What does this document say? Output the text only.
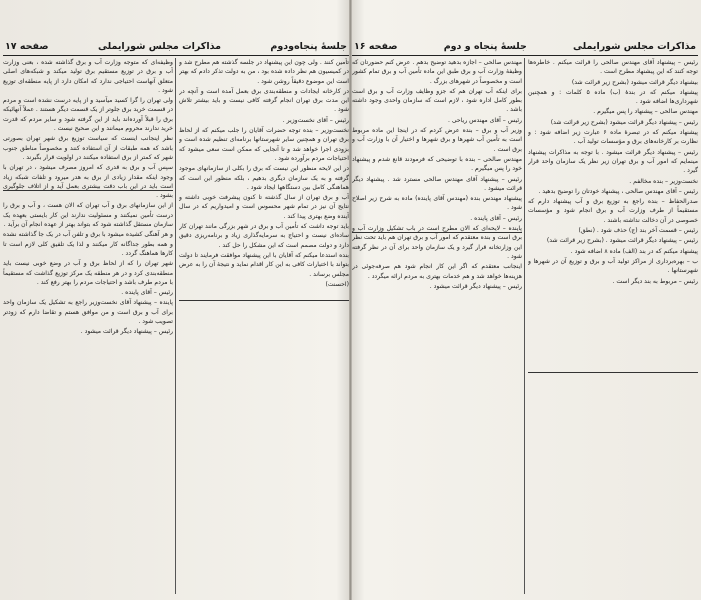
جلسهٔ پنجاه‌ودوم
مذاکرات مجلس شورایملی
صفحه ۱۷

تأمین کنند . ولی چون این پیشنهاد در جلسه گذشته هم مطرح شد و در کمیسیون هم نظر داده شده بود ، من به دولت تذکر دادم که بهتر است این موضوع دقیقاً روشن شود .

در کارخانه ایجادات و منطقه‌بندی برق بعمل آمده است و آنچه در این مدت برق تهران انجام گرفته کافی نیست و باید بیشتر تلاش شود .

رئیس – آقای نخست‌وزیر .

نخست‌وزیر – بنده توجه حضرات آقایان را جلب میکنم که از لحاظ برق تهران و همچنین سایر شهرستانها برنامه‌ای تنظیم شده است و بزودی اجرا خواهد شد و تا آنجایی که ممکن است سعی میشود که احتیاجات مردم برآورده شود .

در این لایحه منظور این نیست که برق را بکلی از سازمانهای موجود گرفته و به یک سازمان دیگری بدهیم ، بلکه منظور این است که هماهنگی کامل بین دستگاهها ایجاد شود .

آب و برق تهران از سال گذشته تا کنون پیشرفت خوبی داشته و نتایج آن نیز در تمام شهر محسوس است و امیدواریم که در سال آینده وضع بهتری پیدا کند .

باید توجه داشت که تأمین آب و برق در شهر بزرگی مانند تهران کار ساده‌ای نیست و احتیاج به سرمایه‌گذاری زیاد و برنامه‌ریزی دقیق دارد و دولت مصمم است که این مشکل را حل کند .

بنده استدعا میکنم که آقایان با این پیشنهاد موافقت فرمایند تا دولت بتواند با اختیارات کافی به این کار اقدام نماید و نتیجهٔ آن را به عرض مجلس برساند .

(احسنت)

وظیفه‌ای که متوجه وزارت آب و برق گذاشته شده ، بعنی وزارت آب و برق در توزیع مستقیم برق تولید میکند و شبکه‌های اصلی متعلق آنهاست احتیاجی ندارد که امکان دارد از پایه منطقه‌ای توزیع شود .

ولی تهران را گرا کسید میآسید و از پایه درست نشده است و مردم در قسمت خرید برق جلوتر از یک قسمت دیگر هستند . عملاً آنهائیکه برق را قبلاً آورده‌اند باید از این گرفته شود و سایر مردم که قدرت خرید ندارند محروم میمانند و این صحیح نیست .

نظر اینجانب اینست که سیاست توزیع برق شهر تهران بصورتی باشد که همه طبقات از آن استفاده کنند و مخصوصاً مناطق جنوب شهر که کمتر از برق استفاده میکنند در اولویت قرار بگیرند .

سپس آب و برق به قدری که امروز مصرف میشود ، در تهران با وجود اینکه مقدار زیادی از برق به هدر میرود و تلفات شبکه زیاد است باید در این باب دقت بیشتری بعمل آید و از اتلاف جلوگیری بشود .

از این سازمانهای برق و آب تهران که الان هست ، و آب و برق را درست تأمین نمیکنند و مسئولیت ندارند این کار بایستی بعهده یک سازمان مستقل گذاشته شود که بتواند بهتر از عهده انجام آن برآید .

و هر آهنگی کشیده میشود با برق و تلفن آب در یک جا گذاشته نشده و همه بطور جداگانه کار میکنند و لذا یک تلفیق کلی لازم است تا کارها هماهنگ گردد .

شهر تهران را که از لحاظ برق و آب در وضع خوبی نیست باید منطقه‌بندی کرد و در هر منطقه یک مرکز توزیع گذاشت که مستقیماً با مردم طرف باشد و احتیاجات مردم را بهتر رفع کند .

رئیس – آقای پاینده .

پاینده – پیشنهاد آقای نخست‌وزیر راجع به تشکیل یک سازمان واحد برای آب و برق است و من موافق هستم و تقاضا دارم که زودتر تصویب شود .

رئیس – پیشنهاد دیگر قرائت میشود .

مذاکرات مجلس شورایملی
جلسهٔ پنجاه و دوم
صفحه ۱۶

رئیس – پیشنهاد آقای مهندس صالحی را قرائت میکنم . خاطره‌ها توجه کنند که این پیشنهاد مطرح است .

بیشنهاد دیگر قرائت میشود (بشرح زیر قرائت شد)

پیشنهاد میکنم که در بندهٔ (ب) ماده ۵ کلمات : و همچنین شهرداری‌ها اضافه شود .

مهندس صالحی – پیشنهاد را پس میگیرم .

رئیس – پیشنهاد دیگر قرائت میشود (بشرح زیر قرائت شد)

پیشنهاد میکنم که در تبصرهٔ ماده ۶ عبارت زیر اضافه شود : و نظارت بر کارخانه‌های برق و مؤسسات تولید آب .

رئیس – پیشنهاد دیگر قرائت میشود . با توجه به مذاکرات پیشنهاد مینمایم که امور آب و برق تهران زیر نظر یک سازمان واحد قرار گیرد .

نخست‌وزیر – بنده مخالفم .

رئیس – آقای مهندس صالحی ، پیشنهاد خودتان را توضیح بدهید .

صدر‌الحفاظ – بنده راجع به توزیع برق و آب پیشنهاد دارم که مستقیماً از طرف وزارت آب و برق انجام شود و مؤسسات خصوصی در آن دخالت نداشته باشند .

رئیس – قسمت آخر بند (ج) حذف شود . (نطق)

رئیس – پیشنهاد دیگر قرائت میشود . (بشرح زیر قرائت شد)

پیشنهاد میکنم که در بند (الف) ماده ۸ اضافه شود .

ب – بهره‌برداری از مراکز تولید آب و برق و توزیع آن در شهرها و شهرستانها .

رئیس – مربوط به بند دیگر است .

مهندس صالحی – اجازه بدهید توضیح بدهم . عرض کنم حضورتان که وظیفهٔ وزارت آب و برق طبق این ماده تأمین آب و برق تمام کشور است و مخصوصاً در شهرهای بزرگ .

برای اینکه آب تهران هم که جزو وظایف وزارت آب و برق است بطور کامل اداره شود ، لازم است که سازمان واحدی وجود داشته باشد .

رئیس – آقای مهندس ریاحی .

وزیر آب و برق – بنده عرض کردم که در اینجا این ماده مربوط است به تأمین آب شهرها و برق شهرها و اختیار آن با وزارت آب و برق است .

مهندس صالحی – بنده با توضیحی که فرمودند قانع شدم و پیشنهاد خود را پس میگیرم .

رئیس – پیشنهاد آقای مهندس صالحی مسترد شد . پیشنهاد دیگر قرائت میشود .

پیشنهاد مهندس بنده (مهندس آقای پاینده) ماده به شرح زیر اصلاح شود .

رئیس – آقای پاینده .

پاینده – لایحه‌ای که الان مطرح است در باب تشکیل وزارت آب و برق است و بنده معتقدم که امور آب و برق تهران هم باید تحت نظر این وزارتخانه قرار گیرد و یک سازمان واحد برای آن در نظر گرفته شود .

اینجانب معتقدم که اگر این کار انجام شود هم صرفه‌جوئی در هزینه‌ها خواهد شد و هم خدمات بهتری به مردم ارائه میگردد .

رئیس – پیشنهاد دیگر قرائت میشود .
